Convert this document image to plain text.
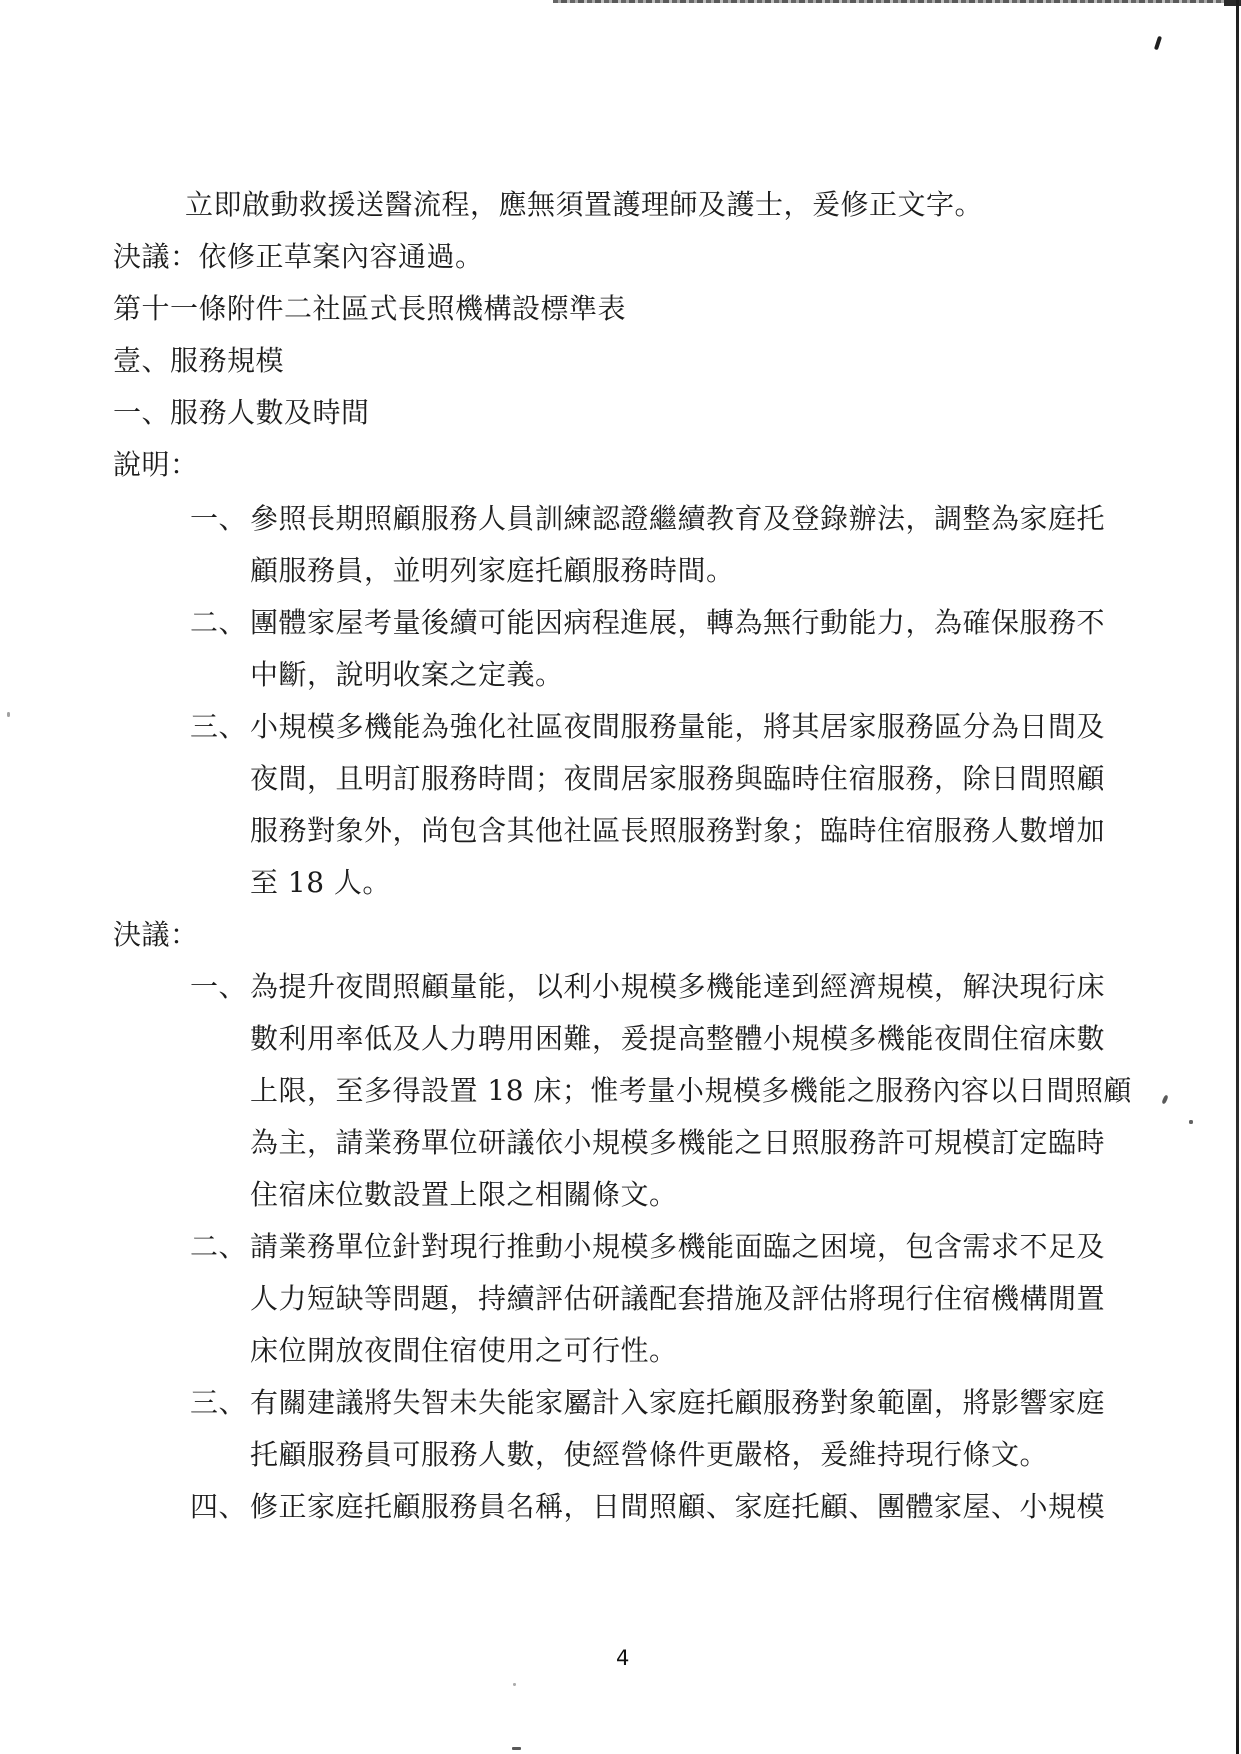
立即啟動救援送醫流程，應無須置護理師及護士，爰修正文字。
決議：依修正草案內容通過。
第十一條附件二社區式長照機構設標準表
壹、服務規模
一、服務人數及時間
說明：
一、 參照長期照顧服務人員訓練認證繼續教育及登錄辦法，調整為家庭托
顧服務員，並明列家庭托顧服務時間。
二、 團體家屋考量後續可能因病程進展，轉為無行動能力，為確保服務不
中斷，說明收案之定義。
三、 小規模多機能為強化社區夜間服務量能，將其居家服務區分為日間及
夜間，且明訂服務時間；夜間居家服務與臨時住宿服務，除日間照顧
服務對象外，尚包含其他社區長照服務對象；臨時住宿服務人數增加
至 18 人。
決議：
一、 為提升夜間照顧量能，以利小規模多機能達到經濟規模，解決現行床
數利用率低及人力聘用困難，爰提高整體小規模多機能夜間住宿床數
上限，至多得設置 18 床；惟考量小規模多機能之服務內容以日間照顧
為主，請業務單位研議依小規模多機能之日照服務許可規模訂定臨時
住宿床位數設置上限之相關條文。
二、 請業務單位針對現行推動小規模多機能面臨之困境，包含需求不足及
人力短缺等問題，持續評估研議配套措施及評估將現行住宿機構閒置
床位開放夜間住宿使用之可行性。
三、 有關建議將失智未失能家屬計入家庭托顧服務對象範圍，將影響家庭
托顧服務員可服務人數，使經營條件更嚴格，爰維持現行條文。
四、 修正家庭托顧服務員名稱，日間照顧、家庭托顧、團體家屋、小規模
4
